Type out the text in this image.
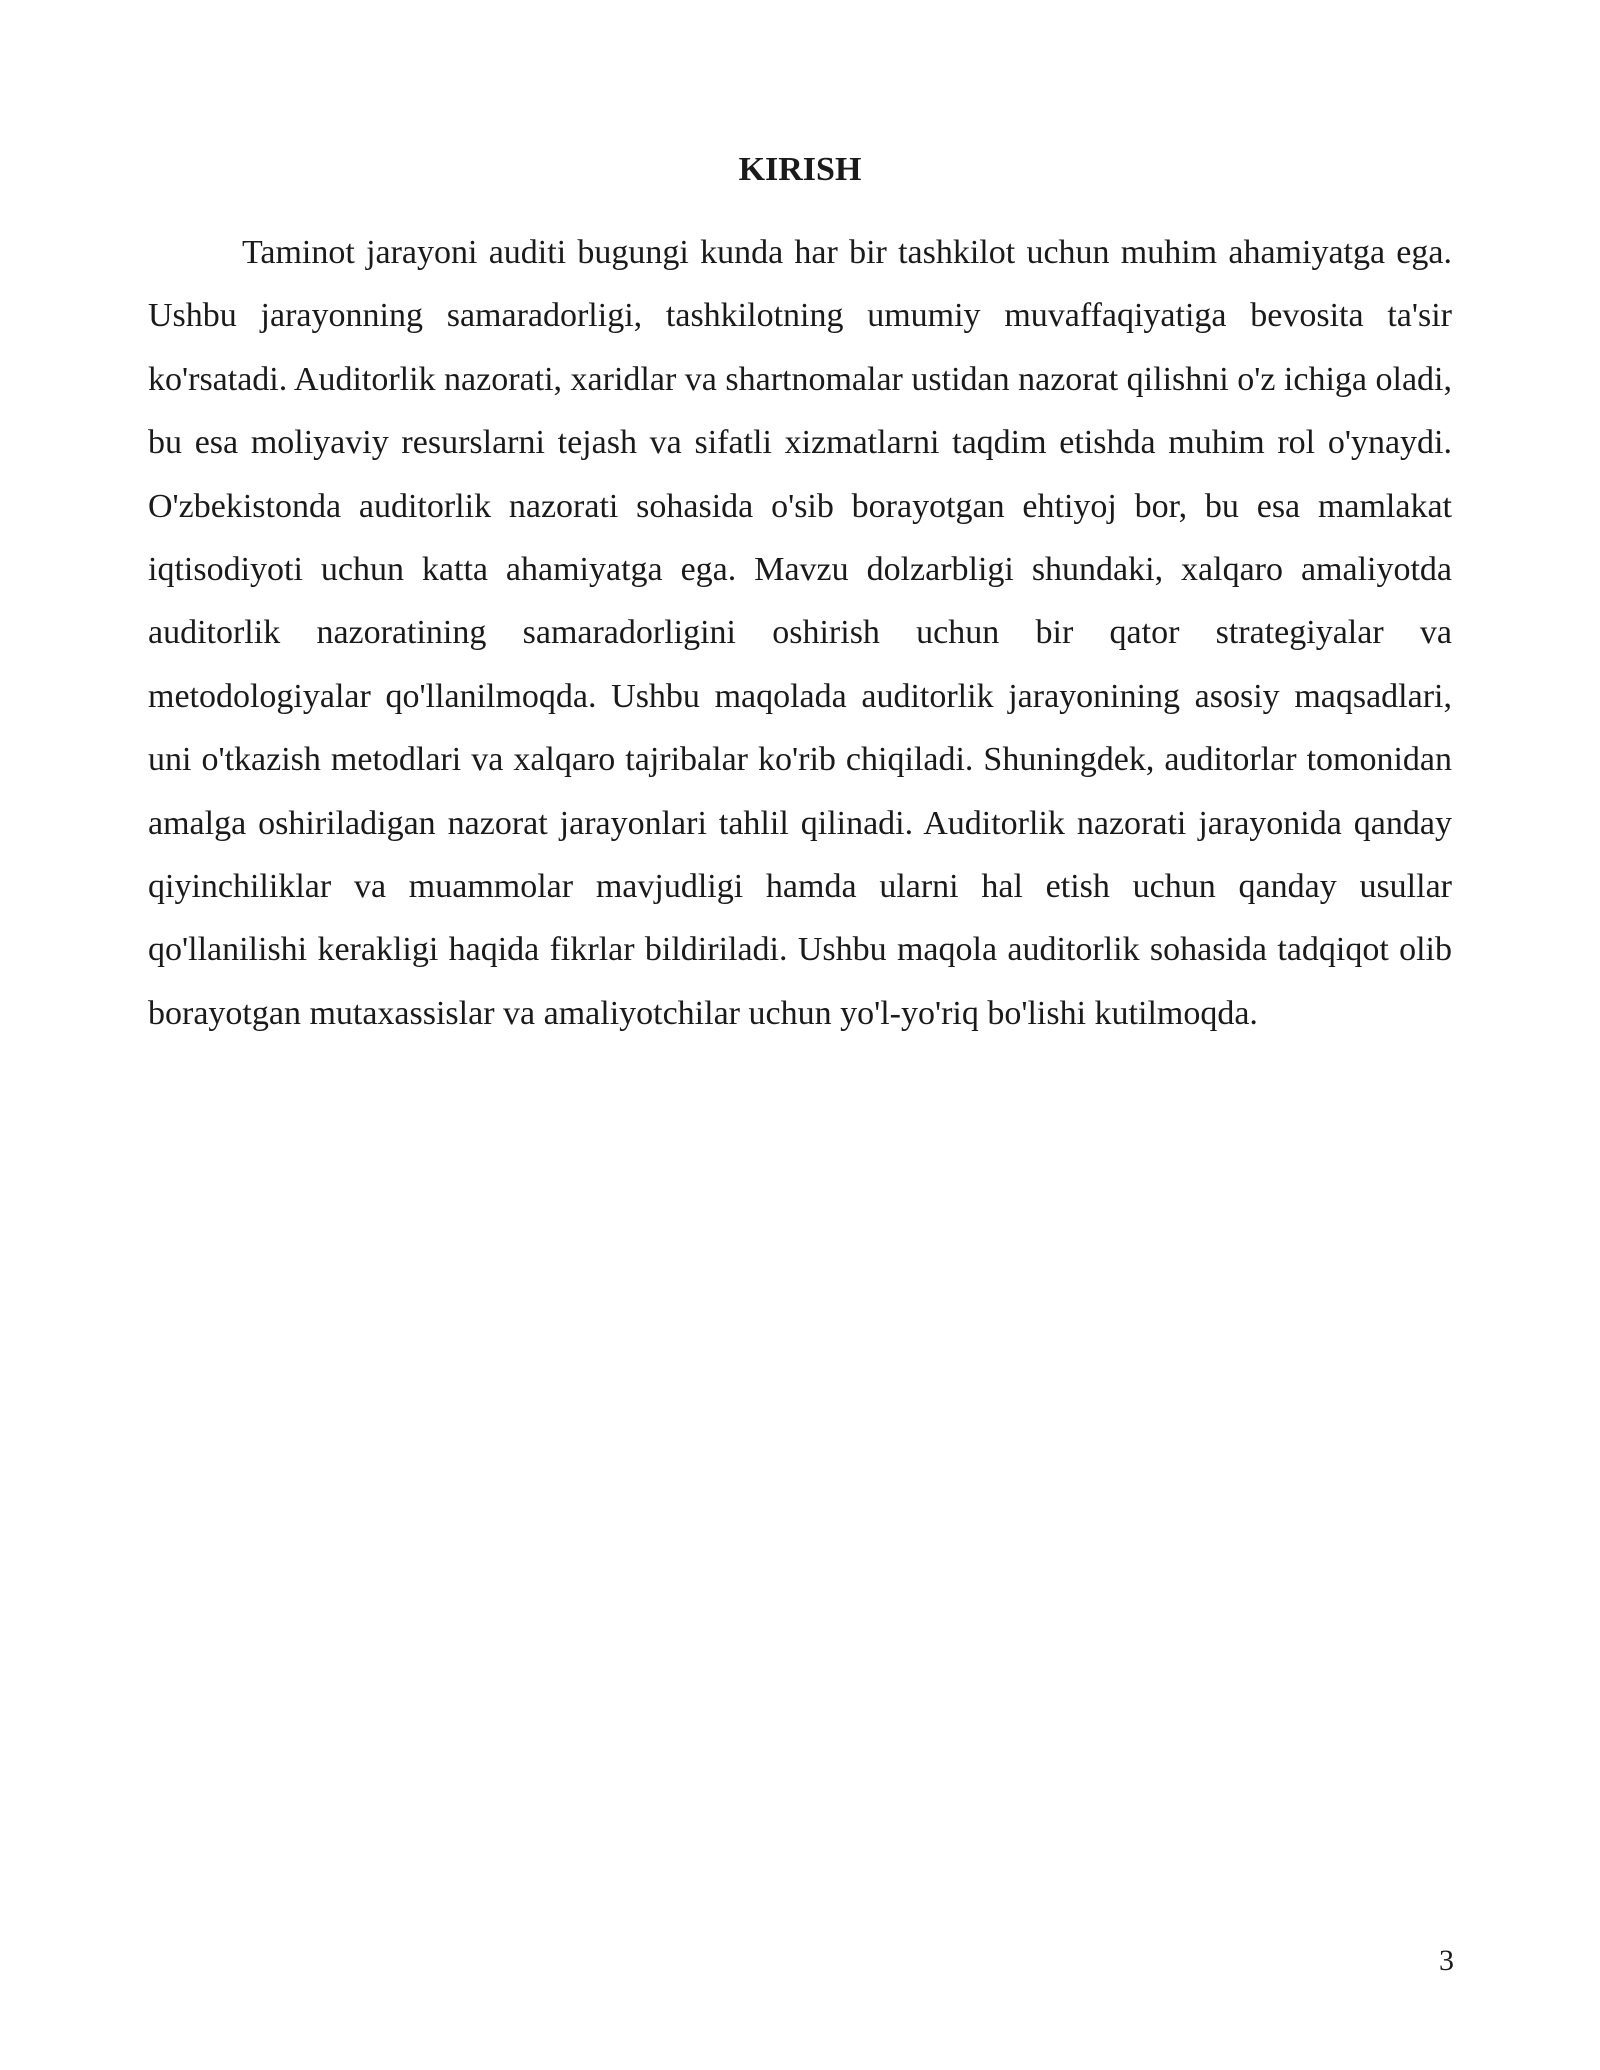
KIRISH

Taminot jarayoni auditi bugungi kunda har bir tashkilot uchun muhim ahamiyatga ega. Ushbu jarayonning samaradorligi, tashkilotning umumiy muvaffaqiyatiga bevosita ta'sir ko'rsatadi. Auditorlik nazorati, xaridlar va shartnomalar ustidan nazorat qilishni o'z ichiga oladi, bu esa moliyaviy resurslarni tejash va sifatli xizmatlarni taqdim etishda muhim rol o'ynaydi. O'zbekistonda auditorlik nazorati sohasida o'sib borayotgan ehtiyoj bor, bu esa mamlakat iqtisodiyoti uchun katta ahamiyatga ega. Mavzu dolzarbligi shundaki, xalqaro amaliyotda auditorlik nazoratining samaradorligini oshirish uchun bir qator strategiyalar va metodologiyalar qo'llanilmoqda. Ushbu maqolada auditorlik jarayonining asosiy maqsadlari, uni o'tkazish metodlari va xalqaro tajribalar ko'rib chiqiladi. Shuningdek, auditorlar tomonidan amalga oshiriladigan nazorat jarayonlari tahlil qilinadi. Auditorlik nazorati jarayonida qanday qiyinchiliklar va muammolar mavjudligi hamda ularni hal etish uchun qanday usullar qo'llanilishi kerakligi haqida fikrlar bildiriladi. Ushbu maqola auditorlik sohasida tadqiqot olib borayotgan mutaxassislar va amaliyotchilar uchun yo'l-yo'riq bo'lishi kutilmoqda.

3
